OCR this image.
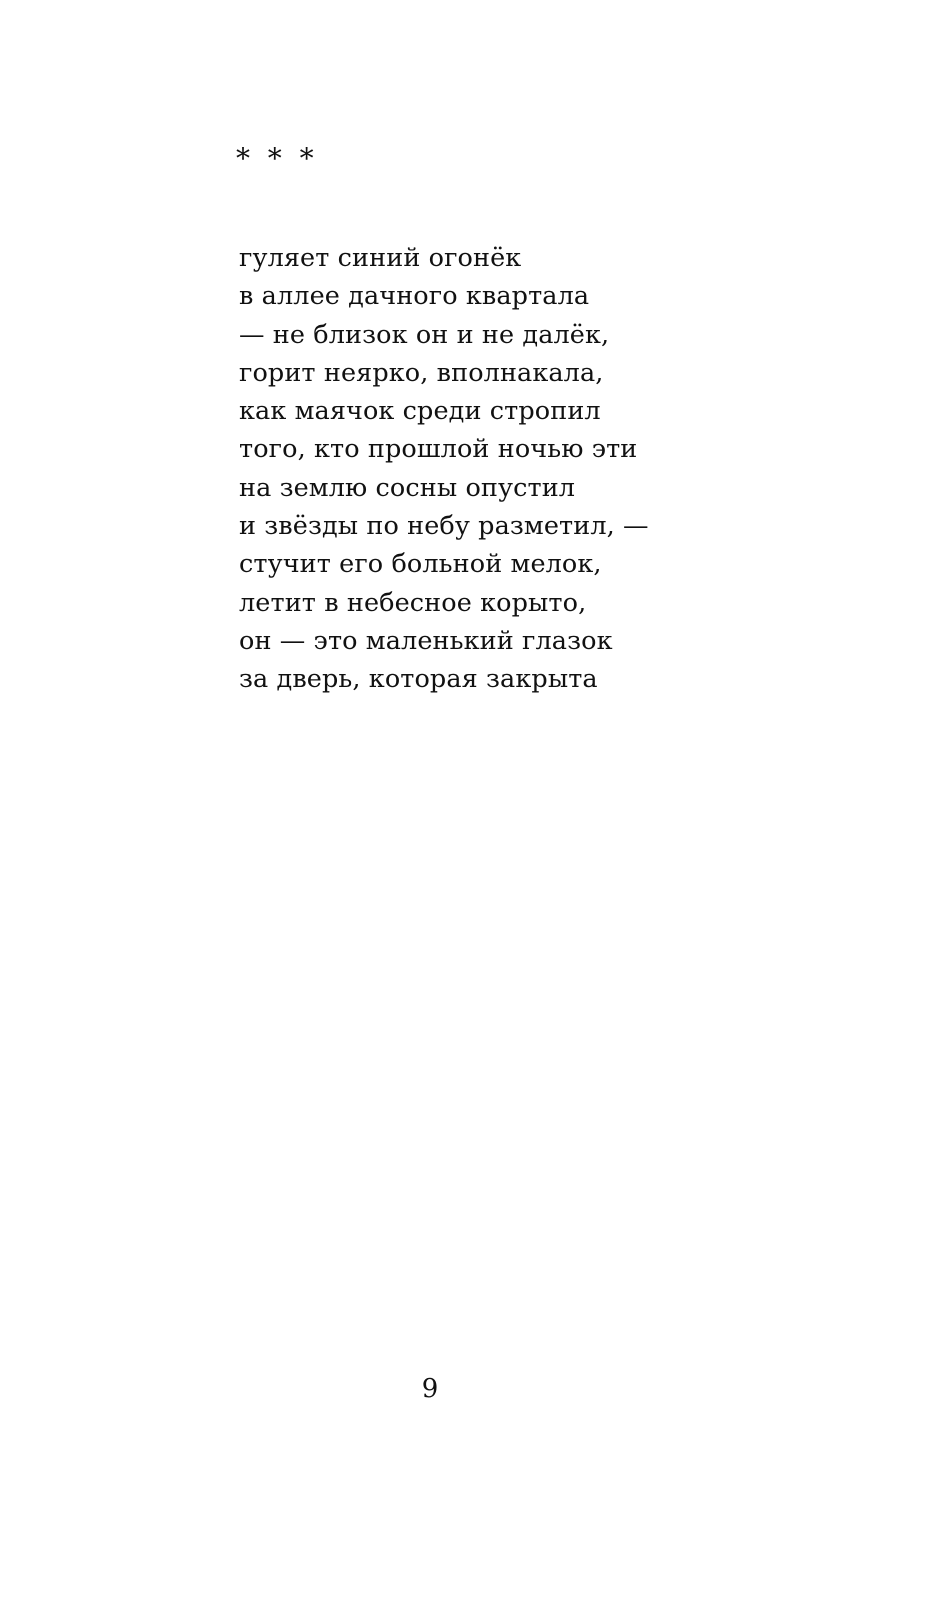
*  *  *
гуляет синий огонёк
в аллее дачного квартала
— не близок он и не далёк,
горит неярко, вполнакала,
как маячок среди стропил
того, кто прошлой ночью эти
на землю сосны опустил
и звёзды по небу разметил, —
стучит его больной мелок,
летит в небесное корыто,
он — это маленький глазок
за дверь, которая закрыта
9
